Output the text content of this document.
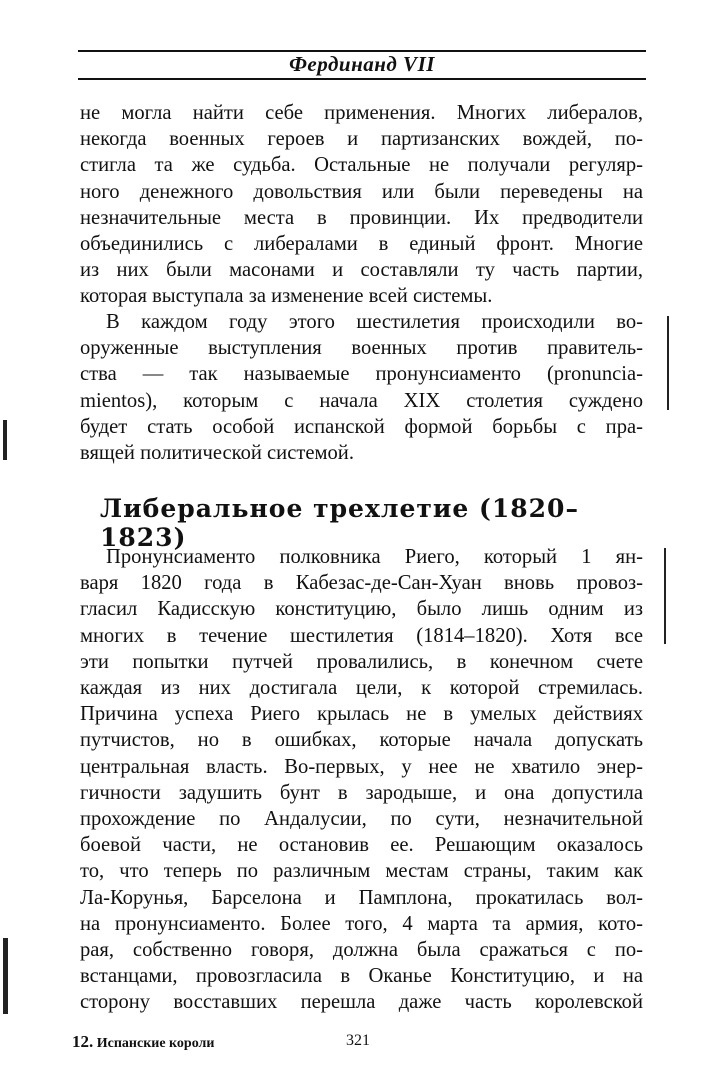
Фердинанд VII
не могла найти себе применения. Многих либералов,
некогда военных героев и партизанских вождей, по-
стигла та же судьба. Остальные не получали регуляр-
ного денежного довольствия или были переведены на
незначительные места в провинции. Их предводители
объединились с либералами в единый фронт. Многие
из них были масонами и составляли ту часть партии,
которая выступала за изменение всей системы.
В каждом году этого шестилетия происходили во-
оруженные выступления военных против правитель-
ства — так называемые пронунсиаменто (pronuncia-
mientos), которым с начала XIX столетия суждено
будет стать особой испанской формой борьбы с пра-
вящей политической системой.
Либеральное трехлетие (1820–1823)
Пронунсиаменто полковника Риего, который 1 ян-
варя 1820 года в Кабезас-де-Сан-Хуан вновь провоз-
гласил Кадисскую конституцию, было лишь одним из
многих в течение шестилетия (1814–1820). Хотя все
эти попытки путчей провалились, в конечном счете
каждая из них достигала цели, к которой стремилась.
Причина успеха Риего крылась не в умелых действиях
путчистов, но в ошибках, которые начала допускать
центральная власть. Во-первых, у нее не хватило энер-
гичности задушить бунт в зародыше, и она допустила
прохождение по Андалусии, по сути, незначительной
боевой части, не остановив ее. Решающим оказалось
то, что теперь по различным местам страны, таким как
Ла-Корунья, Барселона и Памплона, прокатилась вол-
на пронунсиаменто. Более того, 4 марта та армия, кото-
рая, собственно говоря, должна была сражаться с по-
встанцами, провозгласила в Оканье Конституцию, и на
сторону восставших перешла даже часть королевской
12. Испанские короли	321
